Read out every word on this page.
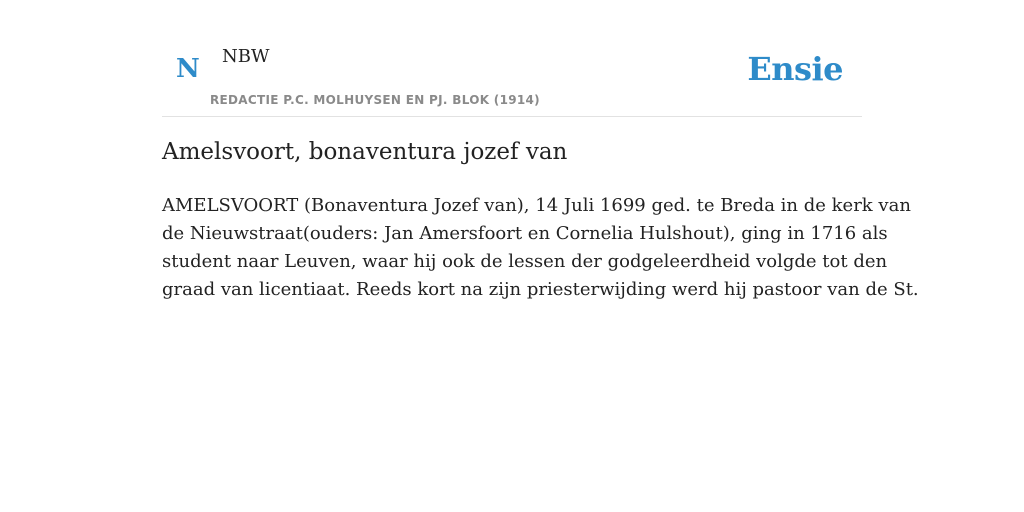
N NBW
REDACTIE P.C. MOLHUYSEN EN PJ. BLOK (1914)
Ensie
Amelsvoort, bonaventura jozef van

AMELSVOORT (Bonaventura Jozef van), 14 Juli 1699 ged. te Breda in de kerk van
de Nieuwstraat(ouders: Jan Amersfoort en Cornelia Hulshout), ging in 1716 als
student naar Leuven, waar hij ook de lessen der godgeleerdheid volgde tot den
graad van licentiaat. Reeds kort na zijn priesterwijding werd hij pastoor van de St.
